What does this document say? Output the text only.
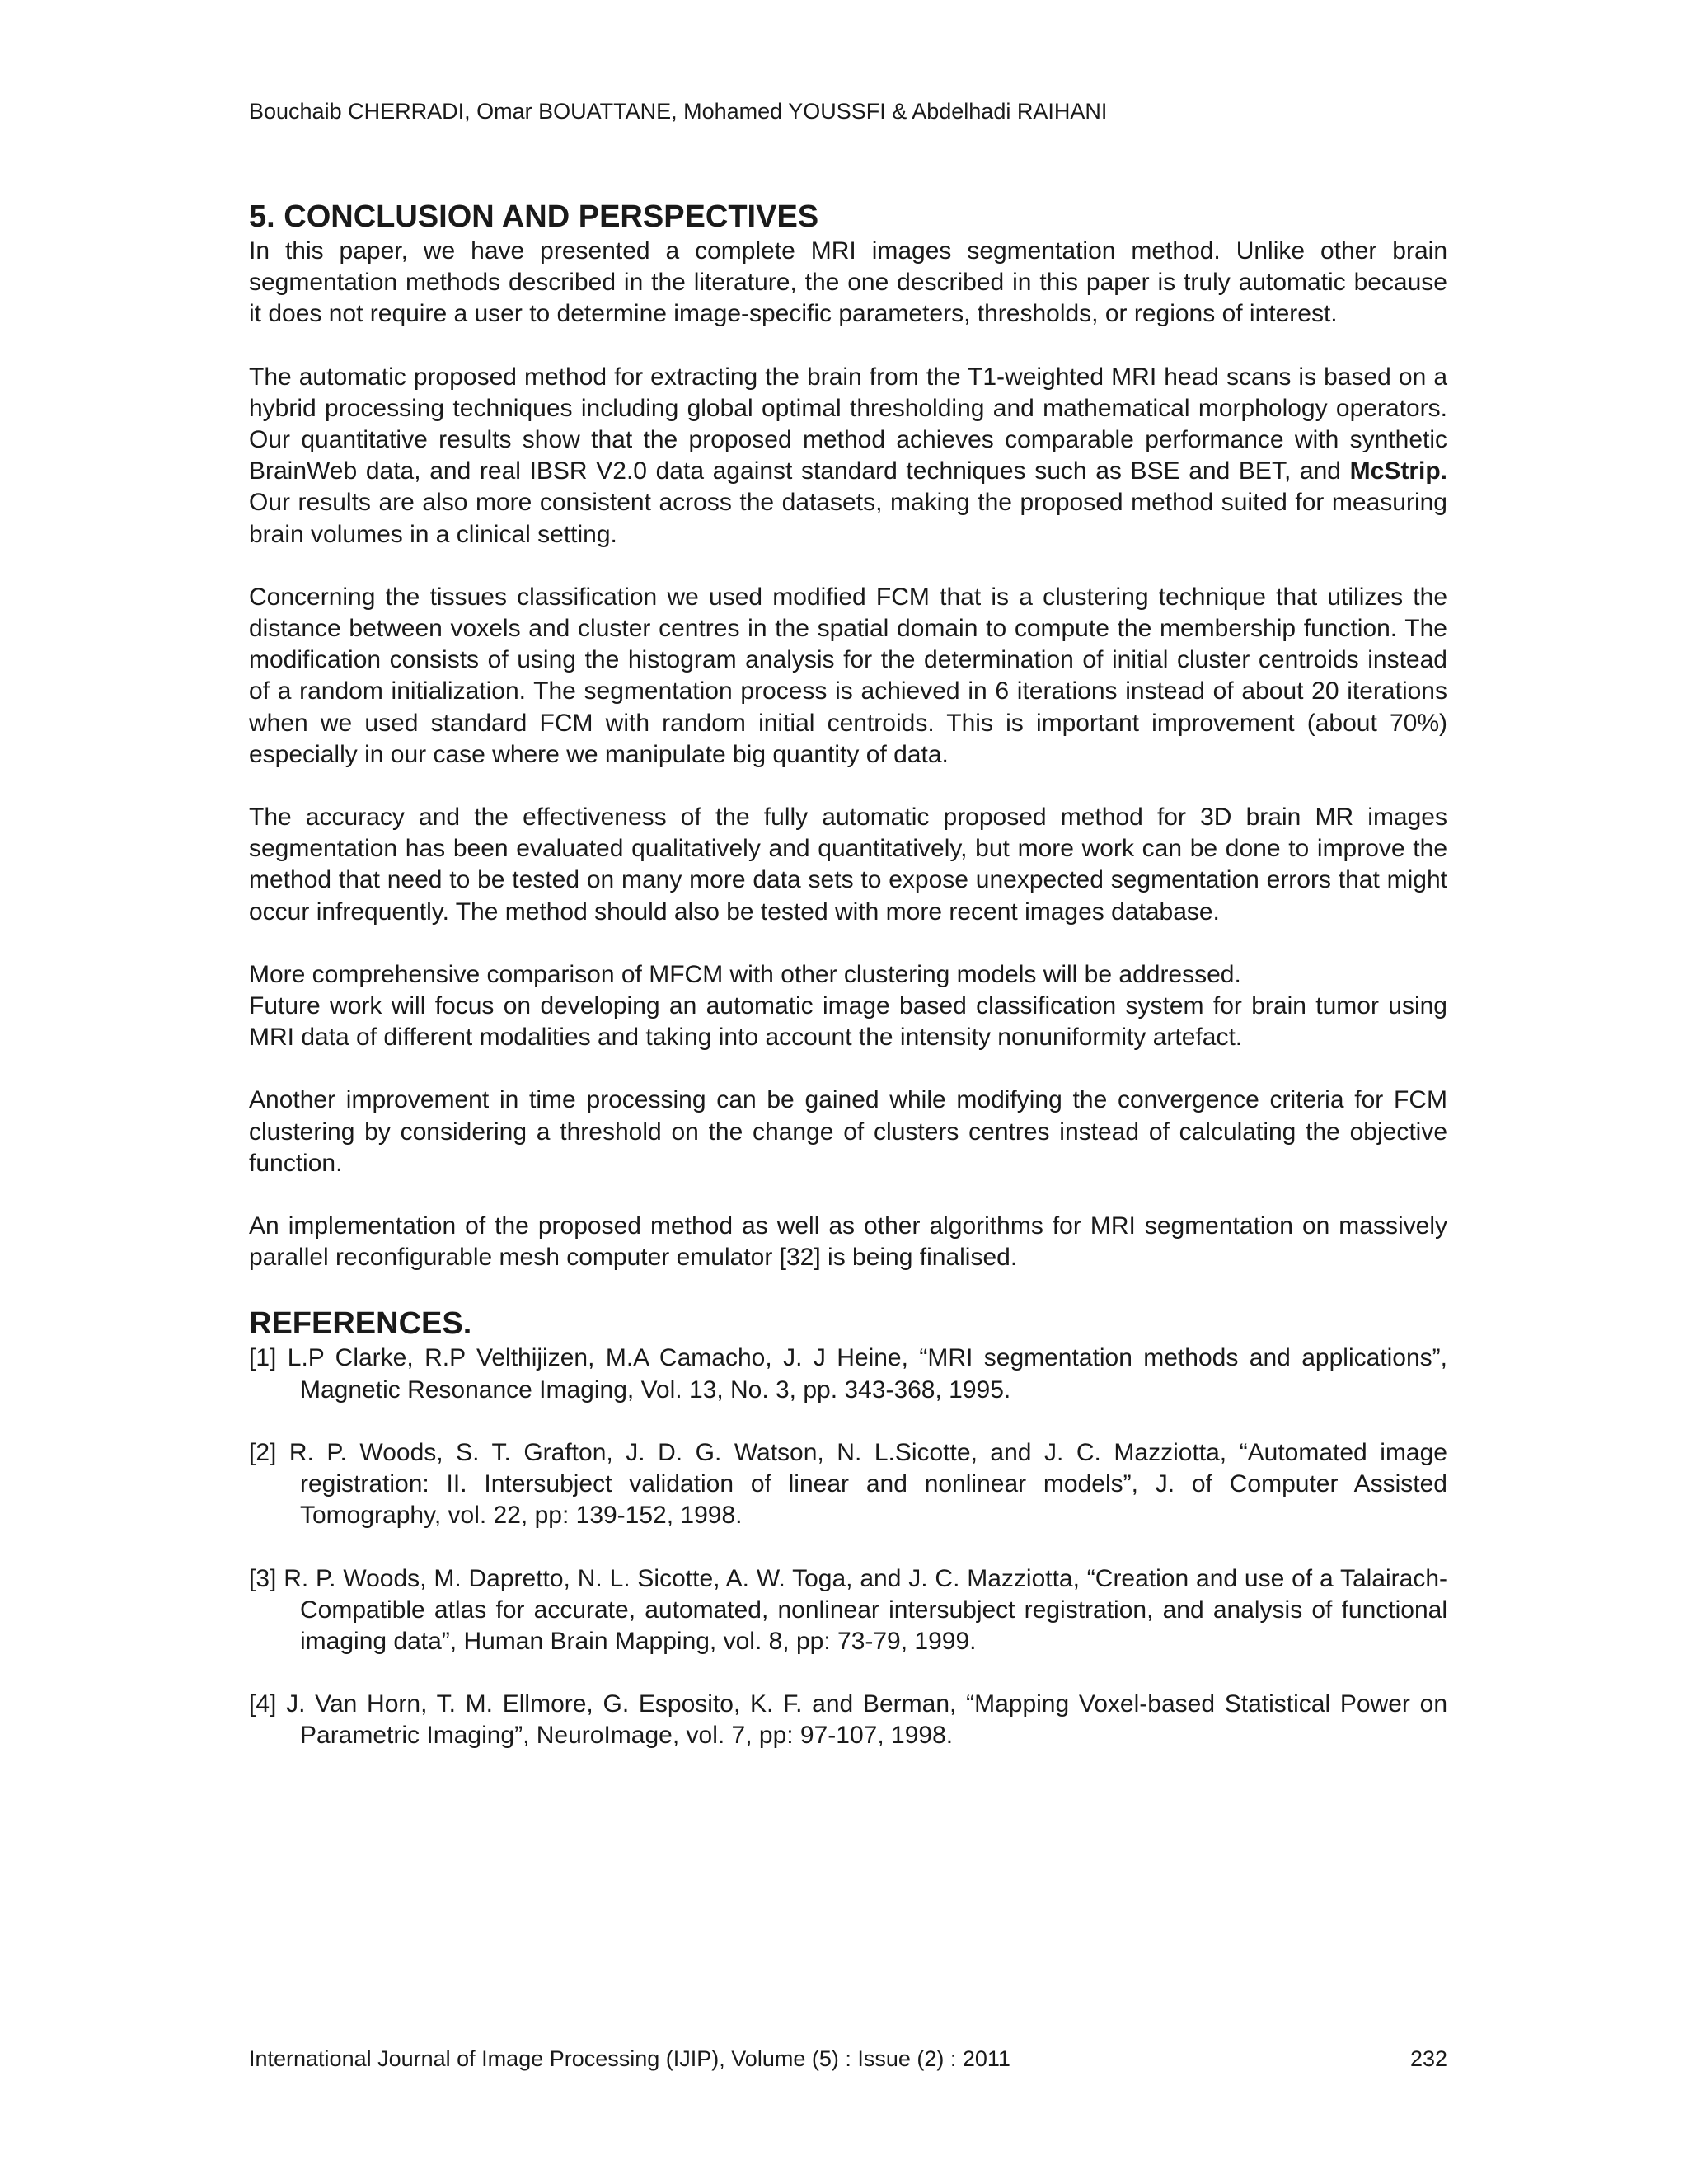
Bouchaib CHERRADI, Omar BOUATTANE, Mohamed YOUSSFI & Abdelhadi RAIHANI
5. CONCLUSION AND PERSPECTIVES

In this paper, we have presented a complete MRI images segmentation method. Unlike other brain segmentation methods described in the literature, the one described in this paper is truly automatic because it does not require a user to determine image-specific parameters, thresholds, or regions of interest.

The automatic proposed method for extracting the brain from the T1-weighted MRI head scans is based on a hybrid processing techniques including global optimal thresholding and mathematical morphology operators. Our quantitative results show that the proposed method achieves comparable performance with synthetic BrainWeb data, and real IBSR V2.0 data against standard techniques such as BSE and BET, and McStrip. Our results are also more consistent across the datasets, making the proposed method suited for measuring brain volumes in a clinical setting.

Concerning the tissues classification we used modified FCM that is a clustering technique that utilizes the distance between voxels and cluster centres in the spatial domain to compute the membership function. The modification consists of using the histogram analysis for the determination of initial cluster centroids instead of a random initialization. The segmentation process is achieved in 6 iterations instead of about 20 iterations when we used standard FCM with random initial centroids. This is important improvement (about 70%) especially in our case where we manipulate big quantity of data.

The accuracy and the effectiveness of the fully automatic proposed method for 3D brain MR images segmentation has been evaluated qualitatively and quantitatively, but more work can be done to improve the method that need to be tested on many more data sets to expose unexpected segmentation errors that might occur infrequently. The method should also be tested with more recent images database.

More comprehensive comparison of MFCM with other clustering models will be addressed.

Future work will focus on developing an automatic image based classification system for brain tumor using MRI data of different modalities and taking into account the intensity nonuniformity artefact.

Another improvement in time processing can be gained while modifying the convergence criteria for FCM clustering by considering a threshold on the change of clusters centres instead of calculating the objective function.

An implementation of the proposed method as well as other algorithms for MRI segmentation on massively parallel reconfigurable mesh computer emulator [32] is being finalised.

REFERENCES.
[1] L.P Clarke, R.P Velthijizen, M.A Camacho, J. J Heine, “MRI segmentation methods and applications”, Magnetic Resonance Imaging, Vol. 13, No. 3, pp. 343-368, 1995.
[2] R. P. Woods, S. T. Grafton, J. D. G. Watson, N. L.Sicotte, and J. C. Mazziotta, “Automated image registration: II. Intersubject validation of linear and nonlinear models”, J. of Computer Assisted Tomography, vol. 22, pp: 139-152, 1998.
[3] R. P. Woods, M. Dapretto, N. L. Sicotte, A. W. Toga, and J. C. Mazziotta, “Creation and use of a Talairach-Compatible atlas for accurate, automated, nonlinear intersubject registration, and analysis of functional imaging data”, Human Brain Mapping, vol. 8, pp: 73-79, 1999.
[4] J. Van Horn, T. M. Ellmore, G. Esposito, K. F. and Berman, “Mapping Voxel-based Statistical Power on Parametric Imaging”, NeuroImage, vol. 7, pp: 97-107, 1998.
International Journal of Image Processing (IJIP), Volume (5) : Issue (2) : 2011	232
